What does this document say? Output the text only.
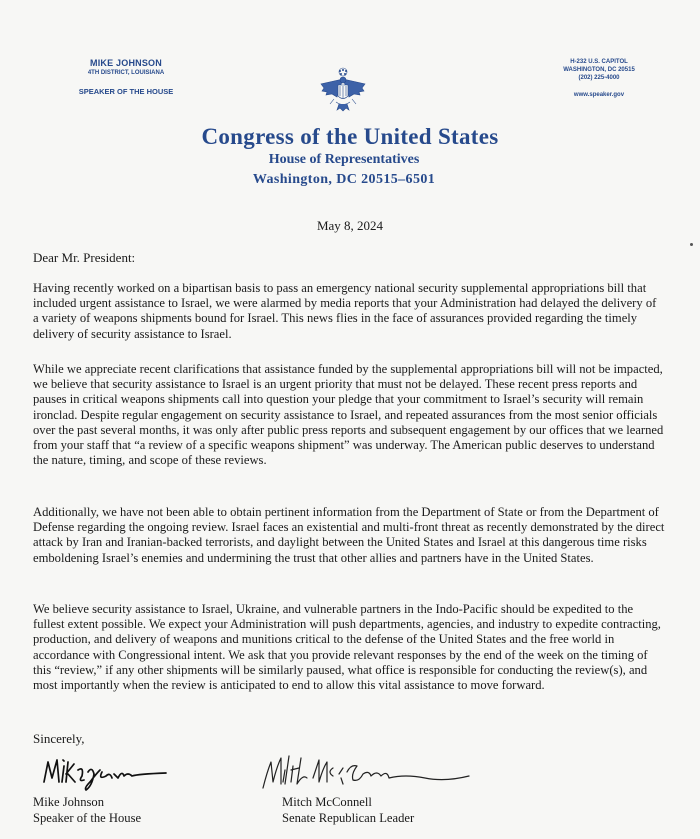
MIKE JOHNSON
4TH DISTRICT, LOUISIANA
SPEAKER OF THE HOUSE
H-232 U.S. CAPITOL
WASHINGTON, DC 20515
(202) 225-4000
www.speaker.gov
Congress of the United States
House of Representatives
Washington, DC 20515–6501
May 8, 2024
Dear Mr. President:

Having recently worked on a bipartisan basis to pass an emergency national security supplemental appropriations bill that included urgent assistance to Israel, we were alarmed by media reports that your Administration had delayed the delivery of a variety of weapons shipments bound for Israel. This news flies in the face of assurances provided regarding the timely delivery of security assistance to Israel.

While we appreciate recent clarifications that assistance funded by the supplemental appropriations bill will not be impacted, we believe that security assistance to Israel is an urgent priority that must not be delayed. These recent press reports and pauses in critical weapons shipments call into question your pledge that your commitment to Israel’s security will remain ironclad. Despite regular engagement on security assistance to Israel, and repeated assurances from the most senior officials over the past several months, it was only after public press reports and subsequent engagement by our offices that we learned from your staff that “a review of a specific weapons shipment” was underway. The American public deserves to understand the nature, timing, and scope of these reviews.

Additionally, we have not been able to obtain pertinent information from the Department of State or from the Department of Defense regarding the ongoing review. Israel faces an existential and multi-front threat as recently demonstrated by the direct attack by Iran and Iranian-backed terrorists, and daylight between the United States and Israel at this dangerous time risks emboldening Israel’s enemies and undermining the trust that other allies and partners have in the United States.

We believe security assistance to Israel, Ukraine, and vulnerable partners in the Indo-Pacific should be expedited to the fullest extent possible. We expect your Administration will push departments, agencies, and industry to expedite contracting, production, and delivery of weapons and munitions critical to the defense of the United States and the free world in accordance with Congressional intent. We ask that you provide relevant responses by the end of the week on the timing of this “review,” if any other shipments will be similarly paused, what office is responsible for conducting the review(s), and most importantly when the review is anticipated to end to allow this vital assistance to move forward.

Sincerely,
Mike Johnson
Speaker of the House
Mitch McConnell
Senate Republican Leader
